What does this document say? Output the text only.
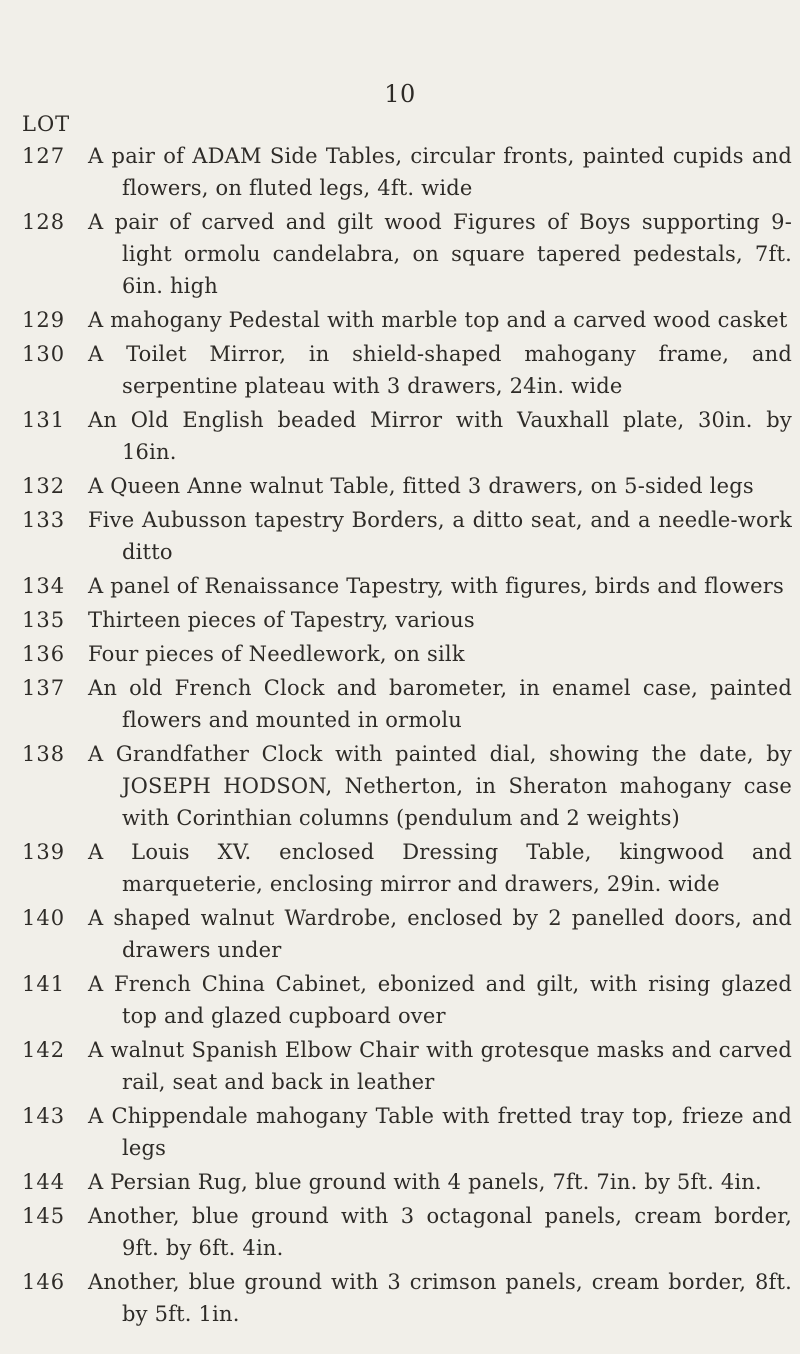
10
LOT
127	A pair of ADAM Side Tables, circular fronts, painted cupids and flowers, on fluted legs, 4ft. wide
128	A pair of carved and gilt wood Figures of Boys supporting 9-light ormolu candelabra, on square tapered pedestals, 7ft. 6in. high
129	A mahogany Pedestal with marble top and a carved wood casket
130	A Toilet Mirror, in shield-shaped mahogany frame, and serpentine plateau with 3 drawers, 24in. wide
131	An Old English beaded Mirror with Vauxhall plate, 30in. by 16in.
132	A Queen Anne walnut Table, fitted 3 drawers, on 5-sided legs
133	Five Aubusson tapestry Borders, a ditto seat, and a needle-work ditto
134	A panel of Renaissance Tapestry, with figures, birds and flowers
135	Thirteen pieces of Tapestry, various
136	Four pieces of Needlework, on silk
137	An old French Clock and barometer, in enamel case, painted flowers and mounted in ormolu
138	A Grandfather Clock with painted dial, showing the date, by JOSEPH HODSON, Netherton, in Sheraton mahogany case with Corinthian columns (pendulum and 2 weights)
139	A Louis XV. enclosed Dressing Table, kingwood and marqueterie, enclosing mirror and drawers, 29in. wide
140	A shaped walnut Wardrobe, enclosed by 2 panelled doors, and drawers under
141	A French China Cabinet, ebonized and gilt, with rising glazed top and glazed cupboard over
142	A walnut Spanish Elbow Chair with grotesque masks and carved rail, seat and back in leather
143	A Chippendale mahogany Table with fretted tray top, frieze and legs
144	A Persian Rug, blue ground with 4 panels, 7ft. 7in. by 5ft. 4in.
145	Another, blue ground with 3 octagonal panels, cream border, 9ft. by 6ft. 4in.
146	Another, blue ground with 3 crimson panels, cream border, 8ft. by 5ft. 1in.
